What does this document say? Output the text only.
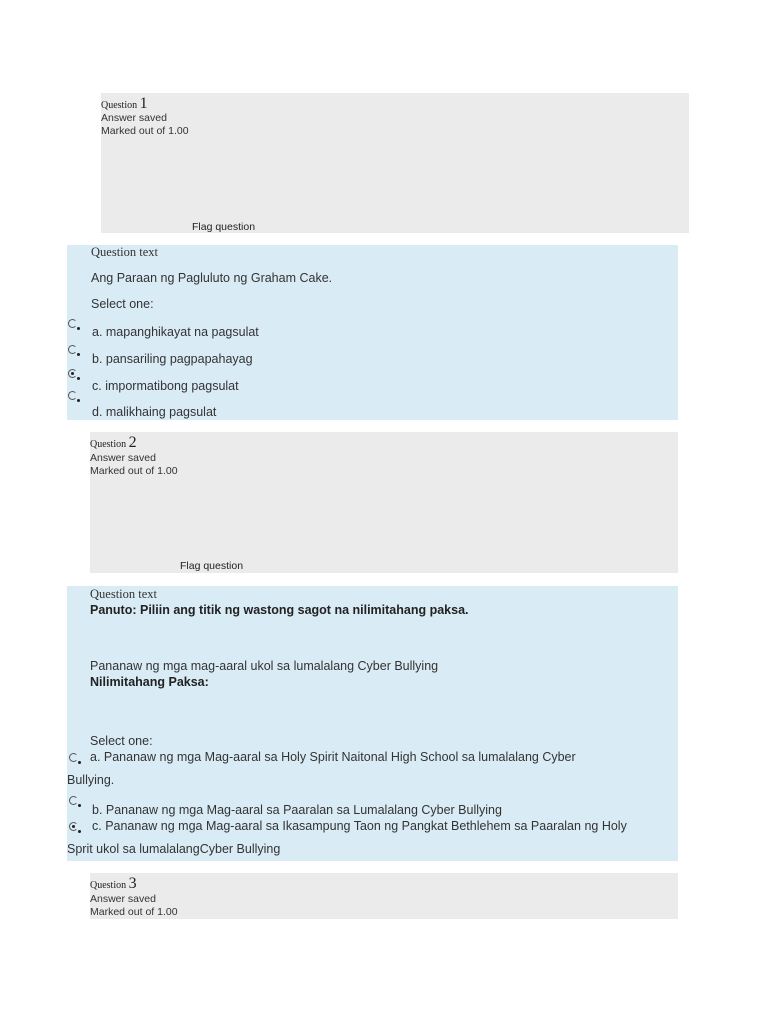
Question 1
Answer saved
Marked out of 1.00
Flag question
Question text
Ang Paraan ng Pagluluto ng Graham Cake.
Select one:
a. mapanghikayat na pagsulat
b. pansariling pagpapahayag
c. impormatibong pagsulat
d. malikhaing pagsulat
Question 2
Answer saved
Marked out of 1.00
Flag question
Question text
Panuto: Piliin ang titik ng wastong sagot na nilimitahang paksa.
Pananaw ng mga mag-aaral ukol sa lumalalang Cyber Bullying
Nilimitahang Paksa:
Select one:
a. Pananaw ng mga Mag-aaral sa Holy Spirit Naitonal High School sa lumalalang Cyber
Bullying.
b. Pananaw ng mga Mag-aaral sa Paaralan sa Lumalalang Cyber Bullying
c. Pananaw ng mga Mag-aaral sa Ikasampung Taon ng Pangkat Bethlehem sa Paaralan ng Holy
Sprit ukol sa lumalalangCyber Bullying
Question 3
Answer saved
Marked out of 1.00
